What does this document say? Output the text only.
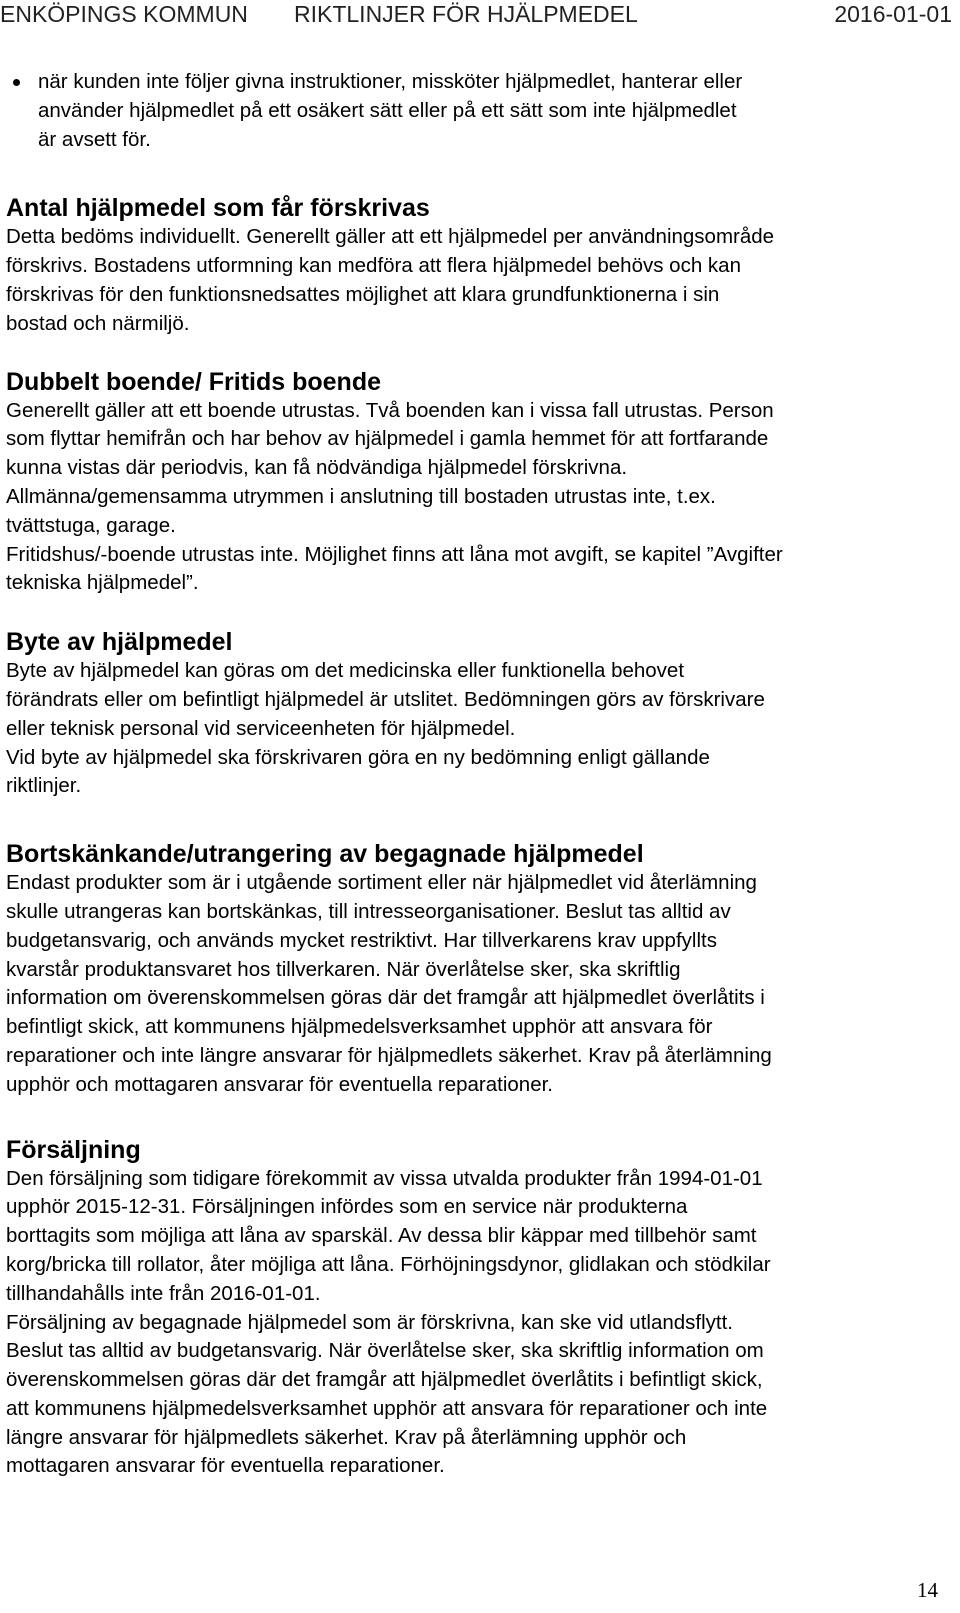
ENKÖPINGS KOMMUN RIKTLINJER FÖR HJÄLPMEDEL	2016-01-01

när kunden inte följer givna instruktioner, missköter hjälpmedlet, hanterar eller
använder hjälpmedlet på ett osäkert sätt eller på ett sätt som inte hjälpmedlet
är avsett för.

Antal hjälpmedel som får förskrivas

Detta bedöms individuellt. Generellt gäller att ett hjälpmedel per användningsområde
förskrivs. Bostadens utformning kan medföra att flera hjälpmedel behövs och kan
förskrivas för den funktionsnedsattes möjlighet att klara grundfunktionerna i sin
bostad och närmiljö.

Dubbelt boende/ Fritids boende

Generellt gäller att ett boende utrustas. Två boenden kan i vissa fall utrustas. Person
som flyttar hemifrån och har behov av hjälpmedel i gamla hemmet för att fortfarande
kunna vistas där periodvis, kan få nödvändiga hjälpmedel förskrivna.
Allmänna/gemensamma utrymmen i anslutning till bostaden utrustas inte, t.ex.
tvättstuga, garage.
Fritidshus/-boende utrustas inte. Möjlighet finns att låna mot avgift, se kapitel ”Avgifter
tekniska hjälpmedel”.

Byte av hjälpmedel

Byte av hjälpmedel kan göras om det medicinska eller funktionella behovet
förändrats eller om befintligt hjälpmedel är utslitet. Bedömningen görs av förskrivare
eller teknisk personal vid serviceenheten för hjälpmedel.
Vid byte av hjälpmedel ska förskrivaren göra en ny bedömning enligt gällande
riktlinjer.

Bortskänkande/utrangering av begagnade hjälpmedel

Endast produkter som är i utgående sortiment eller när hjälpmedlet vid återlämning
skulle utrangeras kan bortskänkas, till intresseorganisationer. Beslut tas alltid av
budgetansvarig, och används mycket restriktivt. Har tillverkarens krav uppfyllts
kvarstår produktansvaret hos tillverkaren. När överlåtelse sker, ska skriftlig
information om överenskommelsen göras där det framgår att hjälpmedlet överlåtits i
befintligt skick, att kommunens hjälpmedelsverksamhet upphör att ansvara för
reparationer och inte längre ansvarar för hjälpmedlets säkerhet. Krav på återlämning
upphör och mottagaren ansvarar för eventuella reparationer.

Försäljning

Den försäljning som tidigare förekommit av vissa utvalda produkter från 1994-01-01
upphör 2015-12-31. Försäljningen infördes som en service när produkterna
borttagits som möjliga att låna av sparskäl. Av dessa blir käppar med tillbehör samt
korg/bricka till rollator, åter möjliga att låna. Förhöjningsdynor, glidlakan och stödkilar
tillhandahålls inte från 2016-01-01.
Försäljning av begagnade hjälpmedel som är förskrivna, kan ske vid utlandsflytt.
Beslut tas alltid av budgetansvarig. När överlåtelse sker, ska skriftlig information om
överenskommelsen göras där det framgår att hjälpmedlet överlåtits i befintligt skick,
att kommunens hjälpmedelsverksamhet upphör att ansvara för reparationer och inte
längre ansvarar för hjälpmedlets säkerhet. Krav på återlämning upphör och
mottagaren ansvarar för eventuella reparationer.

14
